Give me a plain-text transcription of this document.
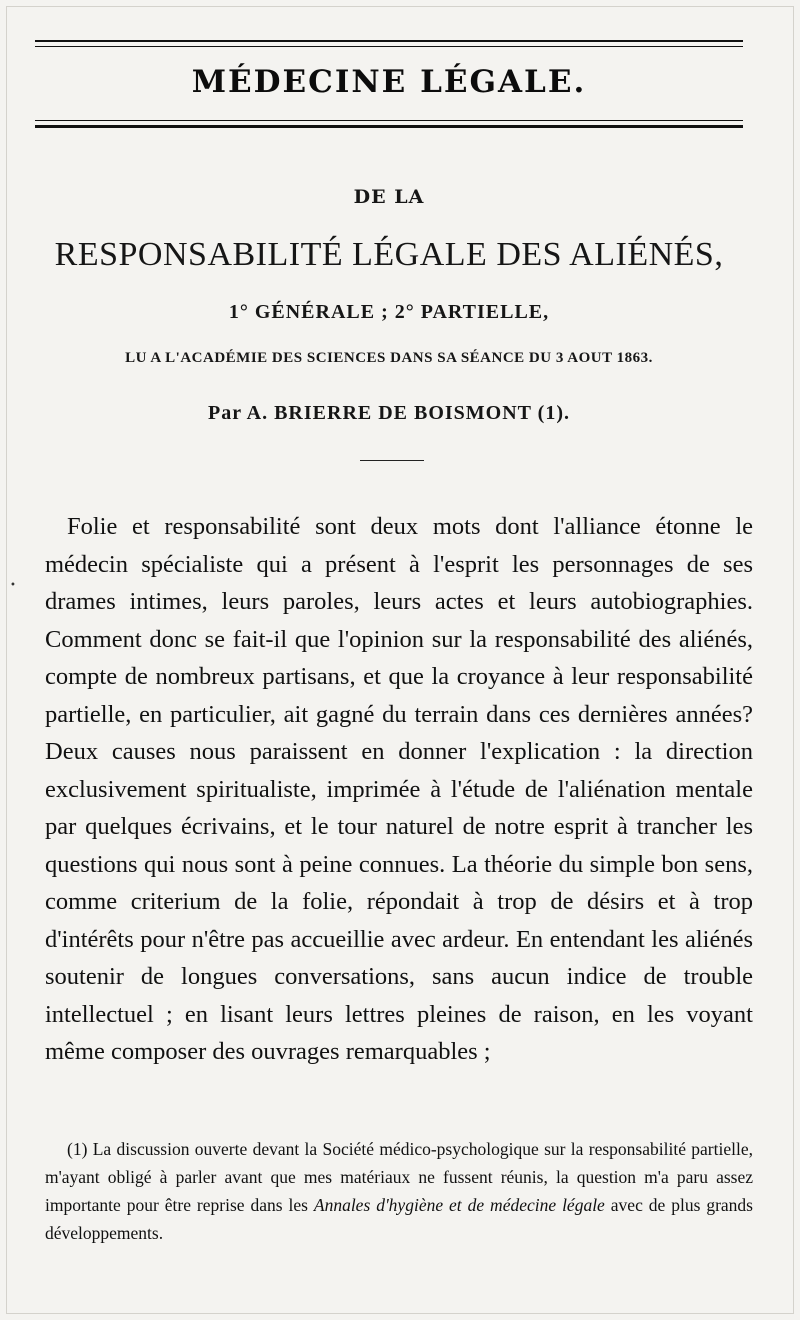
MÉDECINE LÉGALE.
DE LA
RESPONSABILITÉ LÉGALE DES ALIÉNÉS,
1° GÉNÉRALE ; 2° PARTIELLE,
LU A L'ACADÉMIE DES SCIENCES DANS SA SÉANCE DU 3 AOUT 1863.
Par A. BRIERRE DE BOISMONT (1).
•
Folie et responsabilité sont deux mots dont l'alliance étonne le médecin spécialiste qui a présent à l'esprit les personnages de ses drames intimes, leurs paroles, leurs actes et leurs autobiographies. Comment donc se fait-il que l'opinion sur la responsabilité des aliénés, compte de nombreux partisans, et que la croyance à leur responsabilité partielle, en particulier, ait gagné du terrain dans ces dernières années? Deux causes nous paraissent en donner l'explication : la direction exclusivement spiritualiste, imprimée à l'étude de l'aliénation mentale par quelques écrivains, et le tour naturel de notre esprit à trancher les questions qui nous sont à peine connues. La théorie du simple bon sens, comme criterium de la folie, répondait à trop de désirs et à trop d'intérêts pour n'être pas accueillie avec ardeur. En entendant les aliénés soutenir de longues conversations, sans aucun indice de trouble intellectuel ; en lisant leurs lettres pleines de raison, en les voyant même composer des ouvrages remarquables ;

(1) La discussion ouverte devant la Société médico-psychologique sur la responsabilité partielle, m'ayant obligé à parler avant que mes matériaux ne fussent réunis, la question m'a paru assez importante pour être reprise dans les Annales d'hygiène et de médecine légale avec de plus grands développements.
